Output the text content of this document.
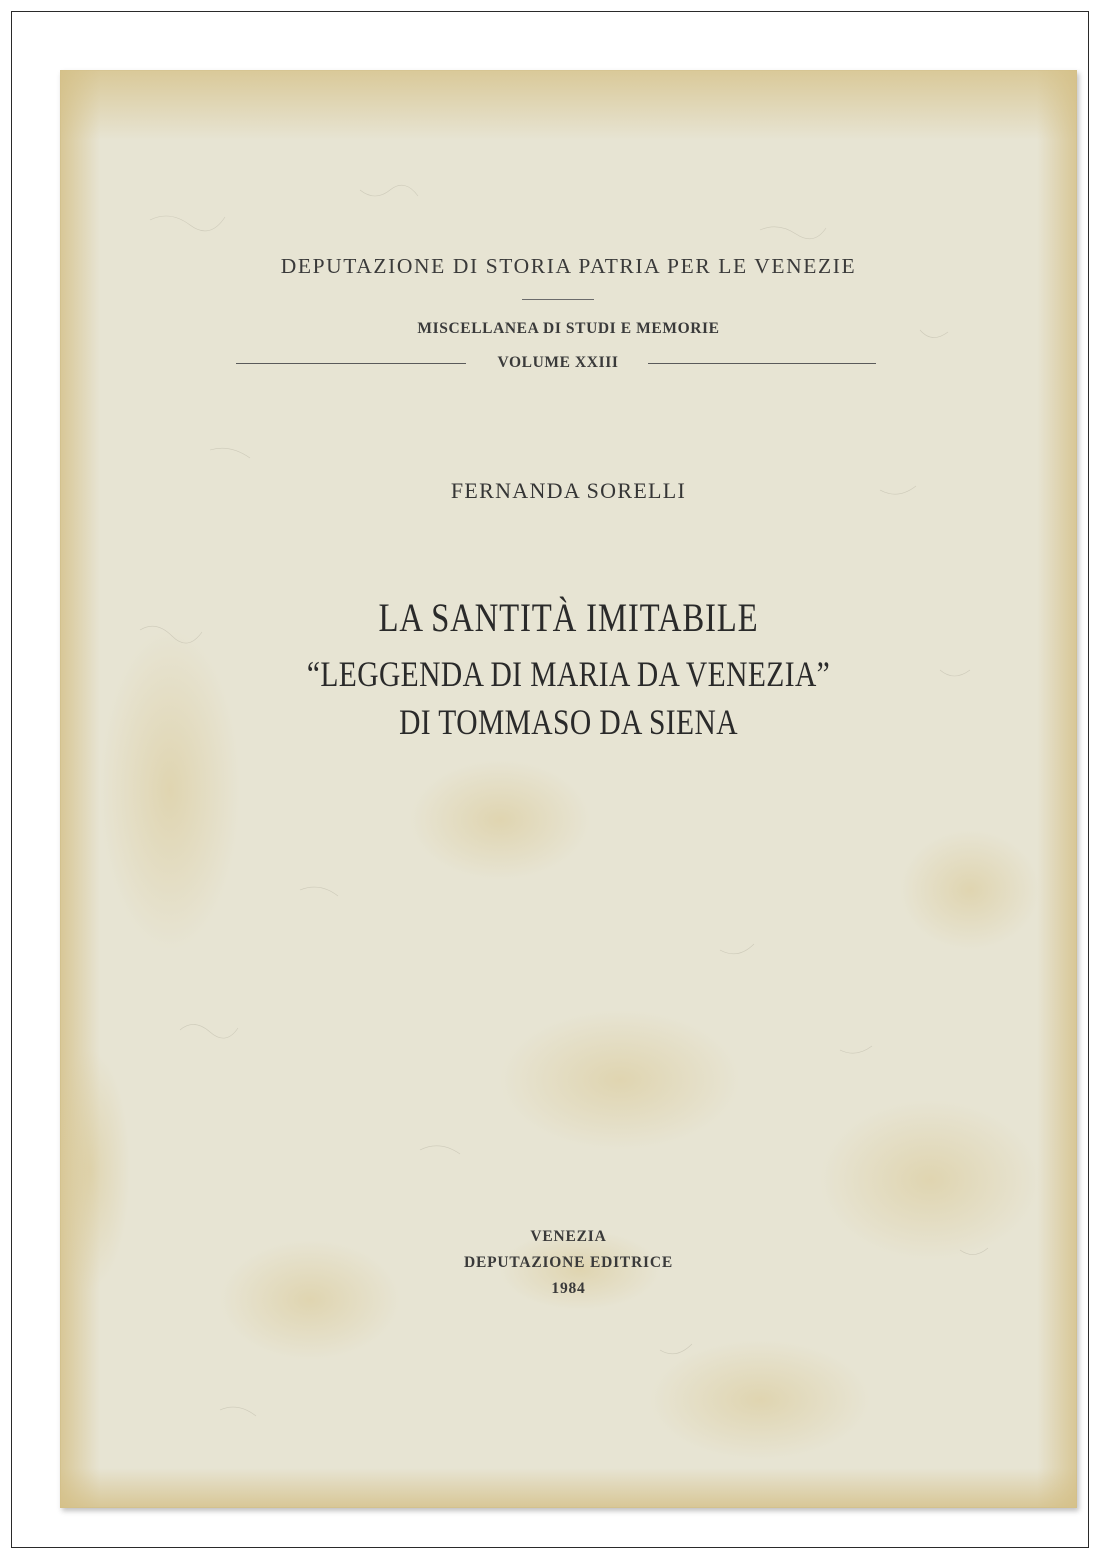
DEPUTAZIONE DI STORIA PATRIA PER LE VENEZIE
MISCELLANEA DI STUDI E MEMORIE
VOLUME XXIII
FERNANDA SORELLI
LA SANTITÀ IMITABILE
“LEGGENDA DI MARIA DA VENEZIA”
DI TOMMASO DA SIENA
VENEZIA
DEPUTAZIONE EDITRICE
1984
